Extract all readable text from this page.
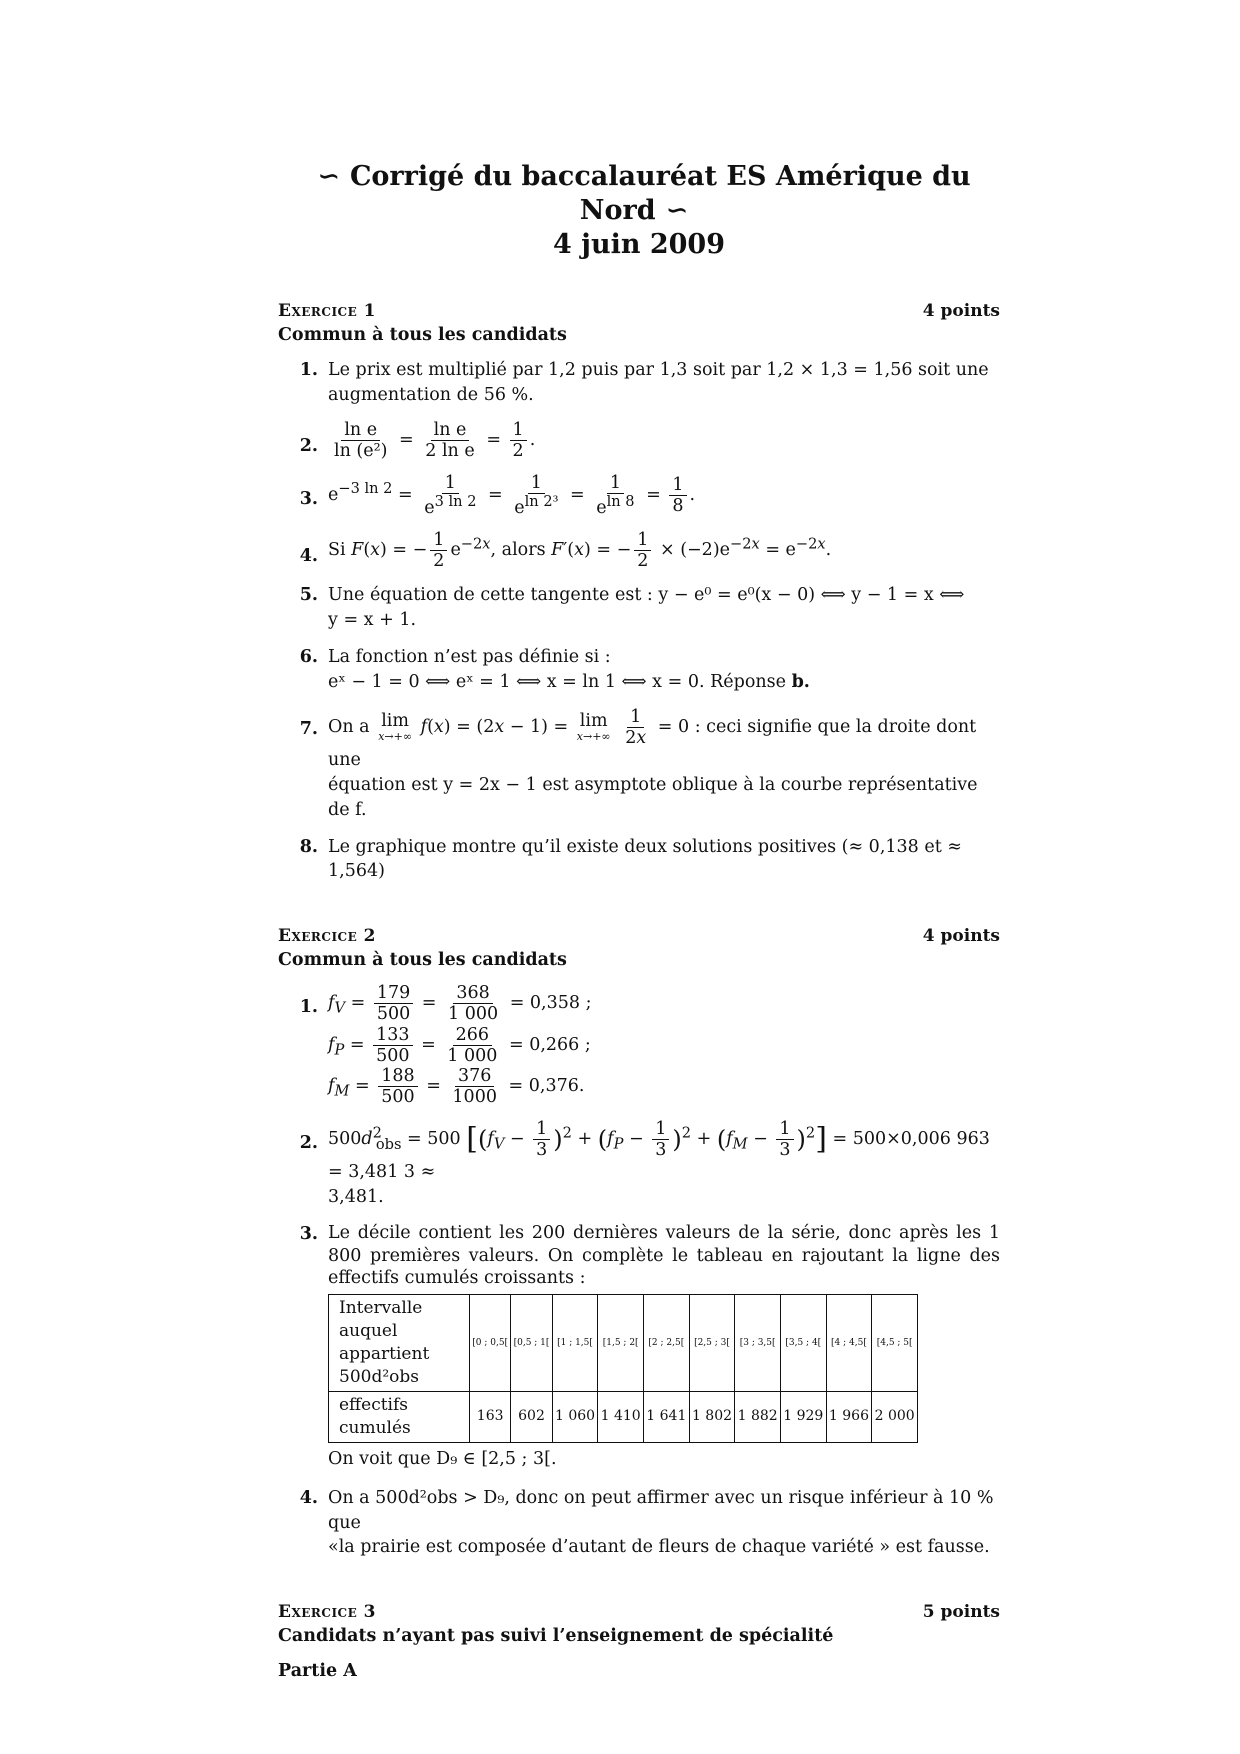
∽ Corrigé du baccalauréat ES Amérique du Nord ∽
4 juin 2009
Exercice 1	4 points
Commun à tous les candidats
1. Le prix est multiplié par 1,2 puis par 1,3 soit par 1,2 × 1,3 = 1,56 soit une augmentation de 56 %.
2. $\frac{\text{ln e}}{\text{ln (e²)}} = \frac{\text{ln e}}{\text{2 ln e}} = \frac{1}{2}$ .
3. $e^{-3 ln 2} = \frac{1}{e^{3 ln 2}} = \frac{1}{e^{ln 2^3}} = \frac{1}{e^{ln 8}} = \frac{1}{8}$ .
4. Si F(x) = − $\frac{1}{2} e^{-2x}$, alors F′(x) = − $\frac{1}{2} \times (-2)e^{-2x} = e^{-2x}$.
5. Une équation de cette tangente est : y − e⁰ = e⁰(x − 0) ⟺ y − 1 = x ⟺
y = x + 1.
6. La fonction n’est pas définie si :
eˣ − 1 = 0 ⟺ eˣ = 1 ⟺ x = ln 1 ⟺ x = 0. Réponse b.
7. On a lim
x→+∞ f(x) = (2x − 1) = lim
x→+∞
$\frac{1}{2x} = 0$ : ceci signifie que la droite dont une
équation est y = 2x − 1 est asymptote oblique à la courbe représentative de f.
8. Le graphique montre qu’il existe deux solutions positives (≈ 0,138 et ≈ 1,564)
Exercice 2	4 points
Commun à tous les candidats
1. $f_V = \frac{179}{500} = \frac{368}{1 000} = 0,358$ ;
$f_P = \frac{133}{500} = \frac{266}{1 000} = 0,266$ ;
$f_M = \frac{188}{500} = \frac{376}{1000} = 0,376$.
2. $500d^2_{obs} = 500$ $[(f_V - \frac{1}{3} )^2 + (f_P - \frac{1}{3} )^2 + (f_M - \frac{1}{3} )^2] = 500\times 0,006$ 963 = 3,481 3 ≈
3,481.
3. Le décile contient les 200 dernières valeurs de la série, donc après les 1 800 premières valeurs. On complète le tableau en rajoutant la ligne des effectifs cumulés croissants :
Intervalle auquel appartient 500d²obs	[0 ; 0,5[	[0,5 ; 1[	[1 ; 1,5[	[1,5 ; 2[	[2 ; 2,5[	[2,5 ; 3[	[3 ; 3,5[	[3,5 ; 4[	[4 ; 4,5[	[4,5 ; 5[
effectifs cumulés	163	602	1 060	1 410	1 641	1 802	1 882	1 929	1 966	2 000
On voit que D₉ ∈ [2,5 ; 3[.
4. On a 500d²obs > D₉, donc on peut affirmer avec un risque inférieur à 10 % que
«la prairie est composée d’autant de fleurs de chaque variété » est fausse.
Exercice 3	5 points
Candidats n’ayant pas suivi l’enseignement de spécialité
Partie A
